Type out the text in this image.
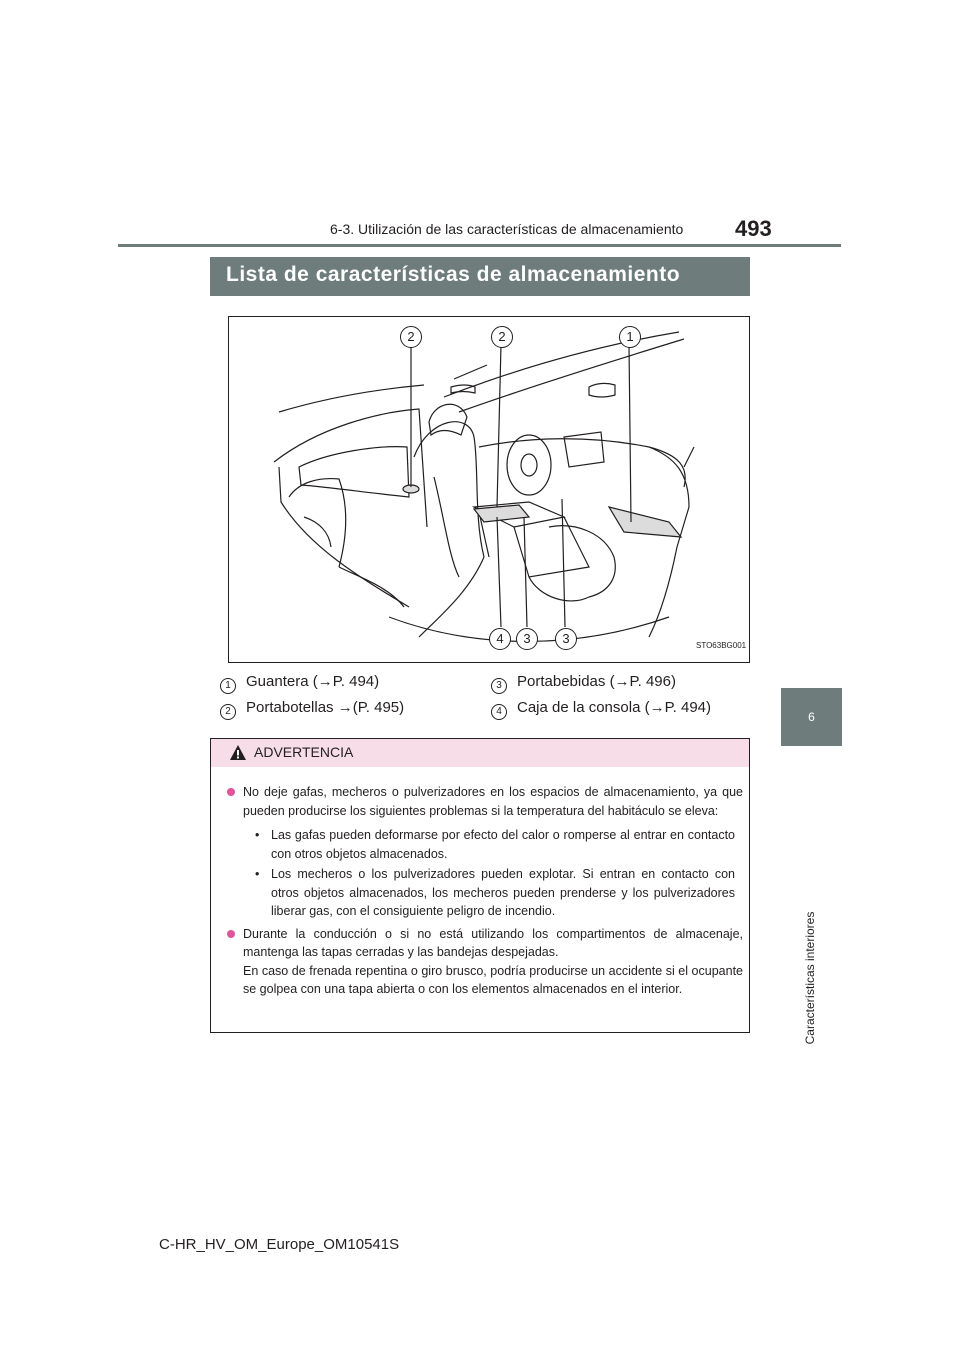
6-3. Utilización de las características de almacenamiento 493
6
Características interiores
Lista de características de almacenamiento
2	2	1
4	3	3	STO63BG001
1 Guantera (→P. 494)	3 Portabebidas (→P. 496)
2 Portabotellas →(P. 495)	4 Caja de la consola (→P. 494)
ADVERTENCIA
No deje gafas, mecheros o pulverizadores en los espacios de almacenamiento, ya que pueden producirse los siguientes problemas si la temperatura del habitáculo se eleva:
• Las gafas pueden deformarse por efecto del calor o romperse al entrar en contacto con otros objetos almacenados.
• Los mecheros o los pulverizadores pueden explotar. Si entran en contacto con otros objetos almacenados, los mecheros pueden prenderse y los pulverizadores liberar gas, con el consiguiente peligro de incendio.
Durante la conducción o si no está utilizando los compartimentos de almacenaje, mantenga las tapas cerradas y las bandejas despejadas.
En caso de frenada repentina o giro brusco, podría producirse un accidente si el ocupante se golpea con una tapa abierta o con los elementos almacenados en el interior.
C-HR_HV_OM_Europe_OM10541S
